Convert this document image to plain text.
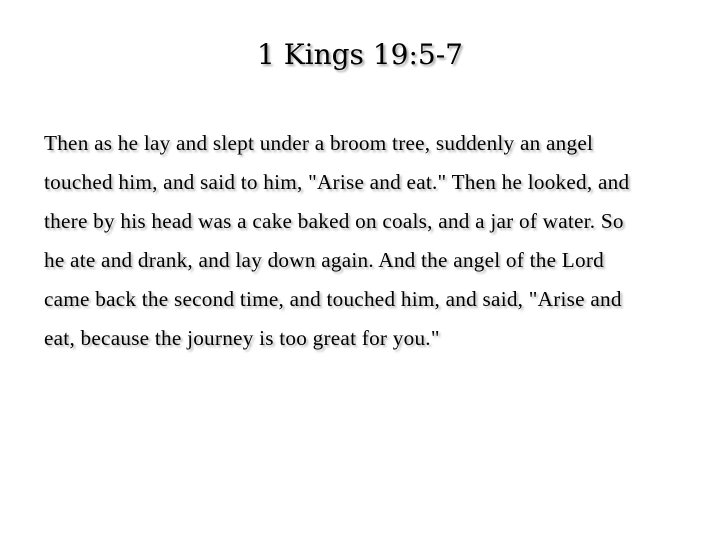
1 Kings 19:5-7
Then as he lay and slept under a broom tree, suddenly an angel
touched him, and said to him, "Arise and eat." Then he looked, and
there by his head was a cake baked on coals, and a jar of water. So
he ate and drank, and lay down again. And the angel of the Lord
came back the second time, and touched him, and said, "Arise and
eat, because the journey is too great for you."
